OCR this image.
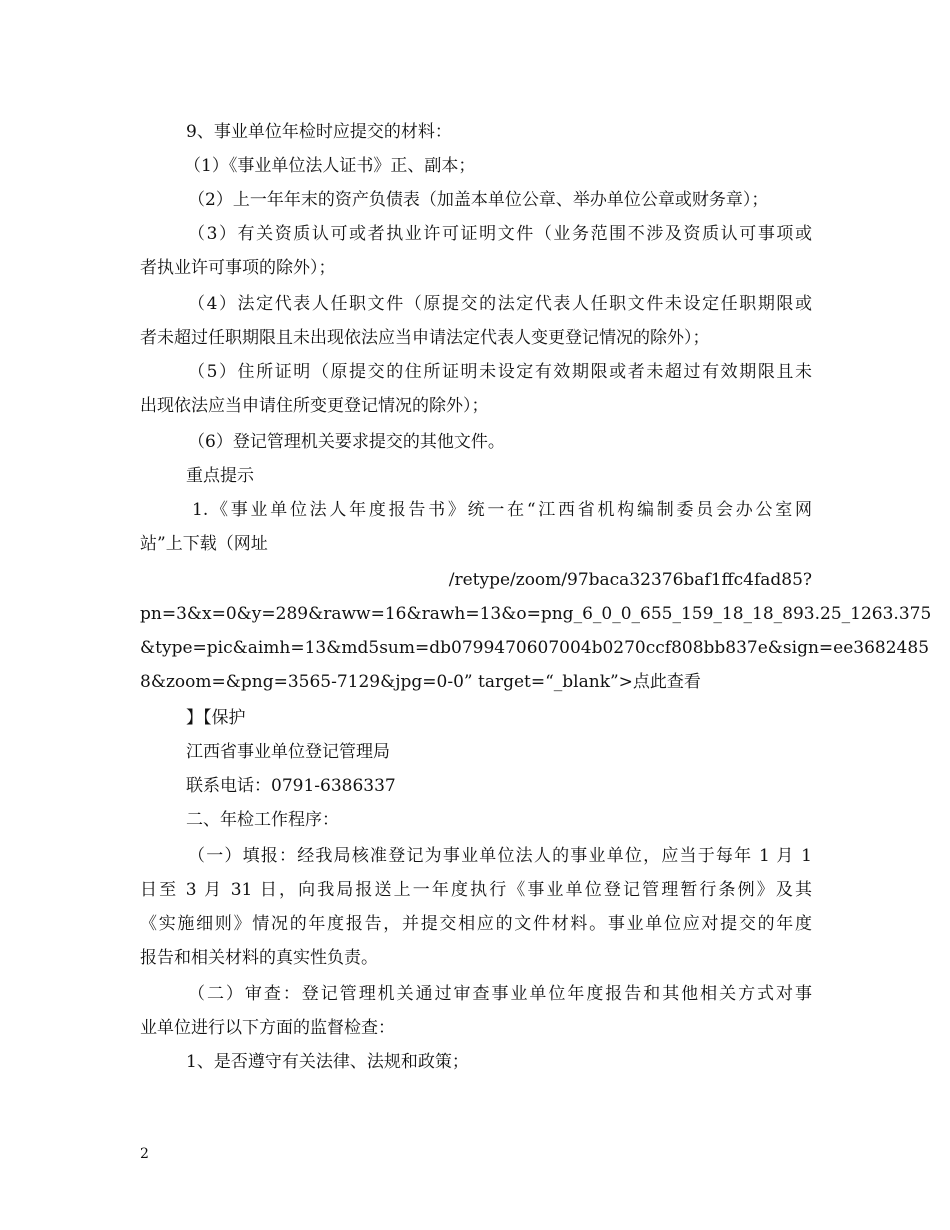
9、事业单位年检时应提交的材料：
（1）《事业单位法人证书》正、副本；
（2）上一年年末的资产负债表（加盖本单位公章、举办单位公章或财务章）；
（3）有关资质认可或者执业许可证明文件（业务范围不涉及资质认可事项或
者执业许可事项的除外）；
（4）法定代表人任职文件（原提交的法定代表人任职文件未设定任职期限或
者未超过任职期限且未出现依法应当申请法定代表人变更登记情况的除外）；
（5）住所证明（原提交的住所证明未设定有效期限或者未超过有效期限且未
出现依法应当申请住所变更登记情况的除外）；
（6）登记管理机关要求提交的其他文件。
重点提示
1.《事业单位法人年度报告书》统一在“江西省机构编制委员会办公室网
站”上下载（网址
/retype/zoom/97baca32376baf1ffc4fad85?
pn=3&x=0&y=289&raww=16&rawh=13&o=png_6_0_0_655_159_18_18_893.25_1263.375
&type=pic&aimh=13&md5sum=db0799470607004b0270ccf808bb837e&sign=ee3682485
8&zoom=&png=3565-7129&jpg=0-0” target=“_blank”>点此查看
】【保护
江西省事业单位登记管理局
联系电话：0791-6386337
二、年检工作程序：
（一）填报：经我局核准登记为事业单位法人的事业单位，应当于每年 1 月 1
日至 3 月 31 日，向我局报送上一年度执行《事业单位登记管理暂行条例》及其
《实施细则》情况的年度报告，并提交相应的文件材料。事业单位应对提交的年度
报告和相关材料的真实性负责。
（二）审查：登记管理机关通过审查事业单位年度报告和其他相关方式对事
业单位进行以下方面的监督检查：
1、是否遵守有关法律、法规和政策；
2
